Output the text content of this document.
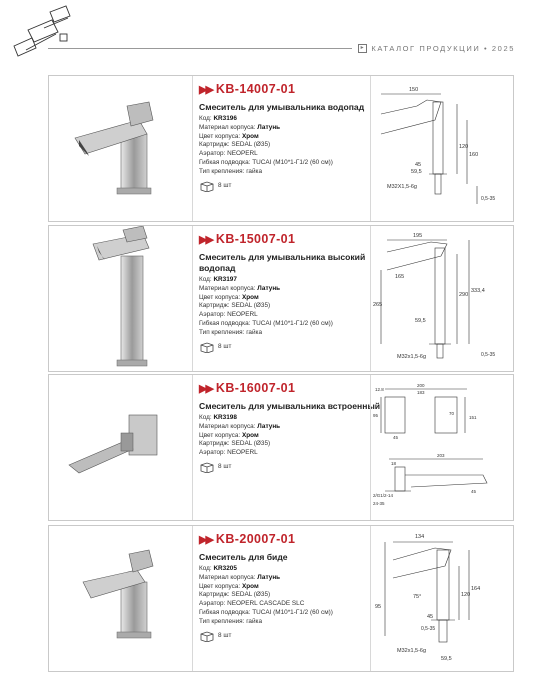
▸ КАТАЛОГ ПРОДУКЦИИ • 2025
▶▶ KB-14007-01
Смеситель для умывальника водопад
Код: KR3196
Материал корпуса: Латунь
Цвет корпуса: Хром
Картридж: SEDAL (Ø35)
Аэратор: NEOPERL
Гибкая подводка: TUCAI (M10*1-Г1/2 (60 см))
Тип крепления: гайка
8 шт
150
120
160
45
59,5
M32X1,5-6g
0,5-35
▶▶ KB-15007-01
Смеситель для умывальника высокий водопад
Код: KR3197
Материал корпуса: Латунь
Цвет корпуса: Хром
Картридж: SEDAL (Ø35)
Аэратор: NEOPERL
Гибкая подводка: TUCAI (M10*1-Г1/2 (60 см))
Тип крепления: гайка
8 шт
195
165
265
290
333,4
59,5
M32x1,5-6g	0,5-35
▶▶ KB-16007-01
Смеситель для умывальника встроенный
Код: KR3198
Материал корпуса: Латунь
Цвет корпуса: Хром
Картридж: SEDAL (Ø35)
Аэратор: NEOPERL
8 шт
12.8
200
183
95	70
151
45
18
203
2/G1/2-14
24-35
45
▶▶ KB-20007-01
Смеситель для биде
Код: KR3205
Материал корпуса: Латунь
Цвет корпуса: Хром
Картридж: SEDAL (Ø35)
Аэратор: NEOPERL CASCADE SLC
Гибкая подводка: TUCAI (M10*1-Г1/2 (60 см))
Тип крепления: гайка
8 шт
134
120
164
95
75°
45
59,5
M32x1,5-6g
0,5-35
